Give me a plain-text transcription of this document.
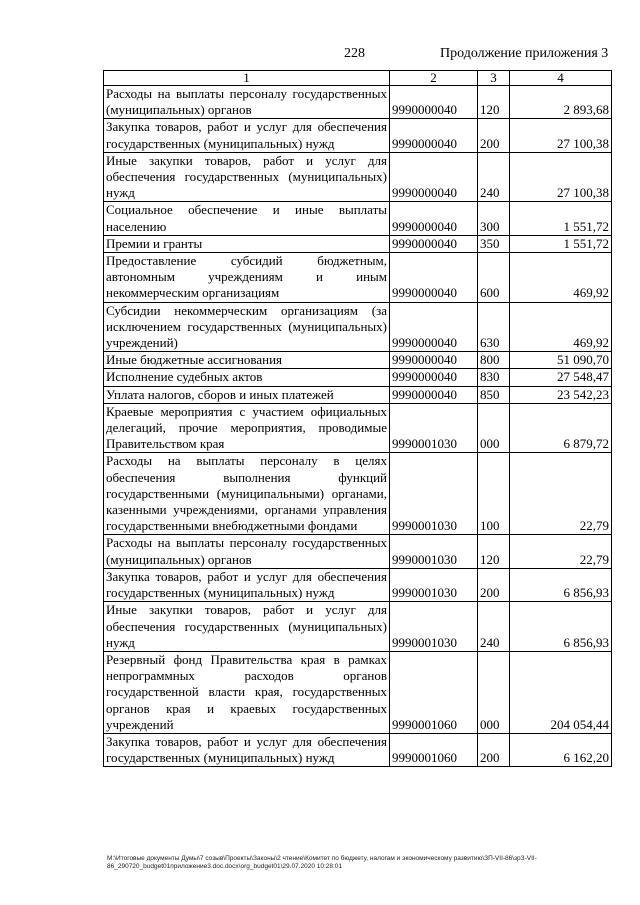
228	Продолжение приложения 3
1	2	3	4
Расходы на выплаты персоналу государственных (муниципальных) органов	9990000040	120	2 893,68
Закупка товаров, работ и услуг для обеспечения государственных (муниципальных) нужд	9990000040	200	27 100,38
Иные закупки товаров, работ и услуг для обеспечения государственных (муниципальных) нужд	9990000040	240	27 100,38
Социальное обеспечение и иные выплаты населению	9990000040	300	1 551,72
Премии и гранты	9990000040	350	1 551,72
Предоставление субсидий бюджетным, автономным учреждениям и иным некоммерческим организациям	9990000040	600	469,92
Субсидии некоммерческим организациям (за исключением государственных (муниципальных) учреждений)	9990000040	630	469,92
Иные бюджетные ассигнования	9990000040	800	51 090,70
Исполнение судебных актов	9990000040	830	27 548,47
Уплата налогов, сборов и иных платежей	9990000040	850	23 542,23
Краевые мероприятия с участием официальных делегаций, прочие мероприятия, проводимые Правительством края	9990001030	000	6 879,72
Расходы на выплаты персоналу в целях обеспечения выполнения функций государственными (муниципальными) органами, казенными учреждениями, органами управления государственными внебюджетными фондами	9990001030	100	22,79
Расходы на выплаты персоналу государственных (муниципальных) органов	9990001030	120	22,79
Закупка товаров, работ и услуг для обеспечения государственных (муниципальных) нужд	9990001030	200	6 856,93
Иные закупки товаров, работ и услуг для обеспечения государственных (муниципальных) нужд	9990001030	240	6 856,93
Резервный фонд Правительства края в рамках непрограммных расходов органов государственной власти края, государственных органов края и краевых государственных учреждений	9990001060	000	204 054,44
Закупка товаров, работ и услуг для обеспечения государственных (муниципальных) нужд	9990001060	200	6 162,20
M:\Итоговые документы Думы\7 созыв\Проекты\Законы\2 чтение\Комитет по бюджету, налогам и экономическому развитию\ЗП-VII-86\зрЗ-VII-86_290720_budget01приложение3.doc.docx\org_budget01\29.07.2020 10:28:01
